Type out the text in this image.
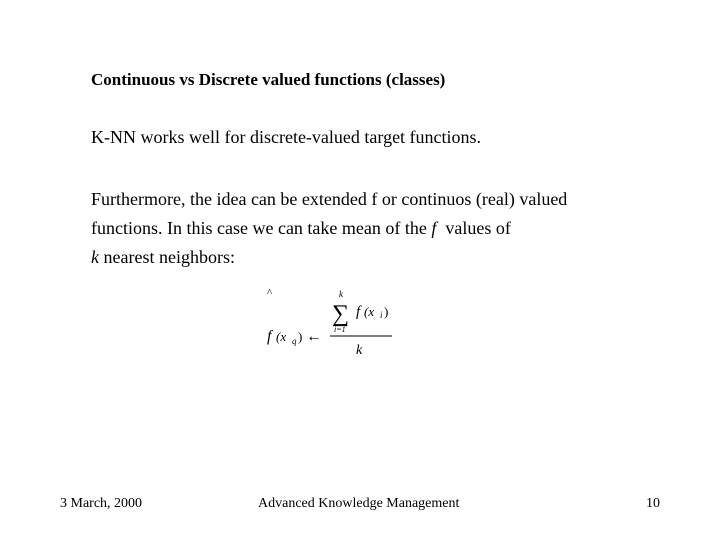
Continuous vs Discrete valued functions (classes)
K-NN works well for discrete-valued target functions.
Furthermore, the idea can be extended f or continuos (real) valued
functions. In this case we can take mean of the f  values of
k nearest neighbors:
^
f (x q ) ←
k
∑
i=1
f (x i )
k
3 March, 2000	Advanced Knowledge Management	10
